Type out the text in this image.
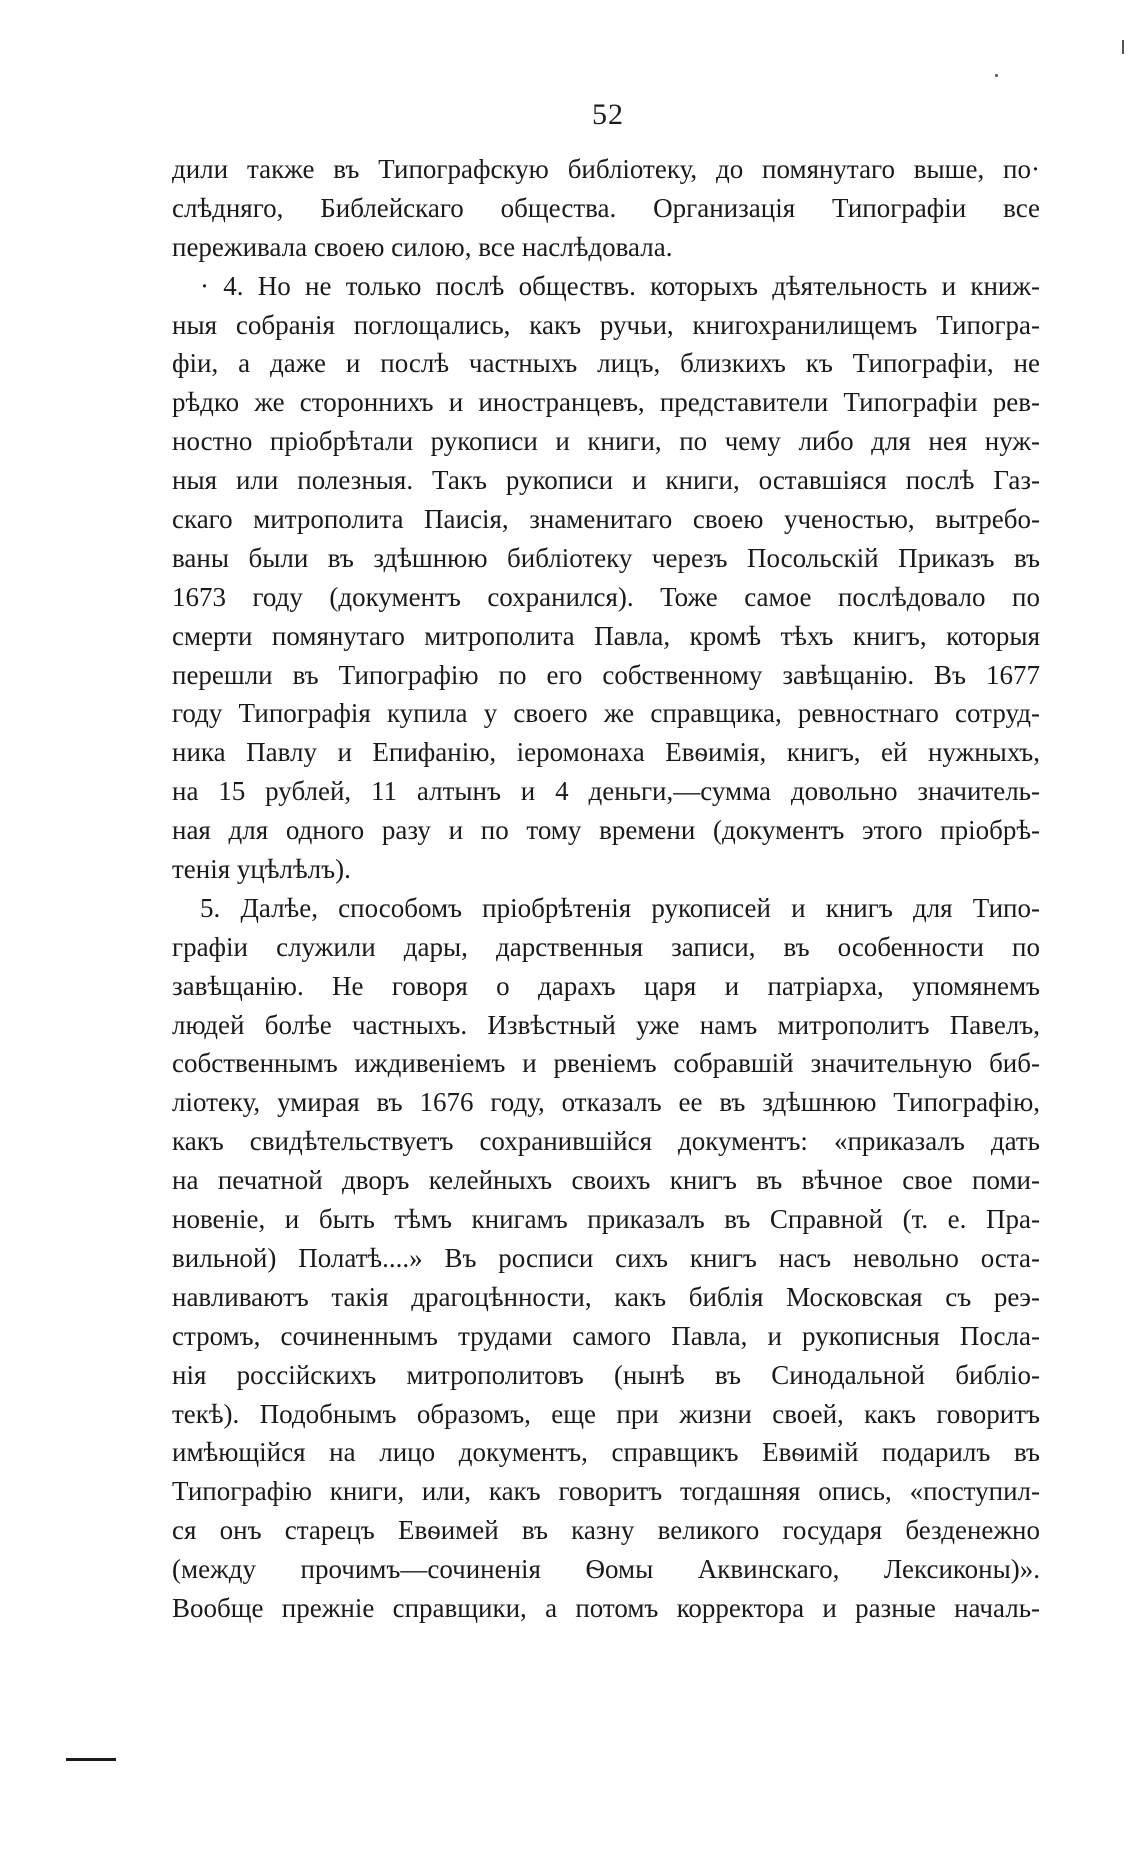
52
дили также въ Типографскую библіотеку, до помянутаго выше, по·
слѣдняго, Библейскаго общества. Организація Типографіи все
переживала своею силою, все наслѣдовала.
· 4. Но не только послѣ обществъ. которыхъ дѣятельность и книж-
ныя собранія поглощались, какъ ручьи, книгохранилищемъ Типогра-
фіи, а даже и послѣ частныхъ лицъ, близкихъ къ Типографіи, не
рѣдко же стороннихъ и иностранцевъ, представители Типографіи рев-
ностно пріобрѣтали рукописи и книги, по чему либо для нея нуж-
ныя или полезныя. Такъ рукописи и книги, оставшіяся послѣ Газ-
скаго митрополита Паисія, знаменитаго своею ученостью, вытребо-
ваны были въ здѣшнюю библіотеку черезъ Посольскій Приказъ въ
1673 году (документъ сохранился). Тоже самое послѣдовало по
смерти помянутаго митрополита Павла, кромѣ тѣхъ книгъ, которыя
перешли въ Типографію по его собственному завѣщанію. Въ 1677
году Типографія купила у своего же справщика, ревностнаго сотруд-
ника Павлу и Епифанію, іеромонаха Евѳимія, книгъ, ей нужныхъ,
на 15 рублей, 11 алтынъ и 4 деньги,—сумма довольно значитель-
ная для одного разу и по тому времени (документъ этого пріобрѣ-
тенія уцѣлѣлъ).
5. Далѣе, способомъ пріобрѣтенія рукописей и книгъ для Типо-
графіи служили дары, дарственныя записи, въ особенности по
завѣщанію. Не говоря о дарахъ царя и патріарха, упомянемъ
людей болѣе частныхъ. Извѣстный уже намъ митрополитъ Павелъ,
собственнымъ иждивеніемъ и рвеніемъ собравшій значительную биб-
ліотеку, умирая въ 1676 году, отказалъ ее въ здѣшнюю Типографію,
какъ свидѣтельствуетъ сохранившійся документъ: «приказалъ дать
на печатной дворъ келейныхъ своихъ книгъ въ вѣчное свое поми-
новеніе, и быть тѣмъ книгамъ приказалъ въ Справной (т. е. Пра-
вильной) Полатѣ....» Въ росписи сихъ книгъ насъ невольно оста-
навливаютъ такія драгоцѣнности, какъ библія Московская съ реэ-
стромъ, сочиненнымъ трудами самого Павла, и рукописныя Посла-
нія россійскихъ митрополитовъ (нынѣ въ Синодальной библіо-
текѣ). Подобнымъ образомъ, еще при жизни своей, какъ говоритъ
имѣющійся на лицо документъ, справщикъ Евѳимій подарилъ въ
Типографію книги, или, какъ говоритъ тогдашняя опись, «поступил-
ся онъ старецъ Евѳимей въ казну великого государя безденежно
(между прочимъ—сочиненія Ѳомы Аквинскаго, Лексиконы)».
Вообще прежніе справщики, а потомъ корректора и разные началь-
